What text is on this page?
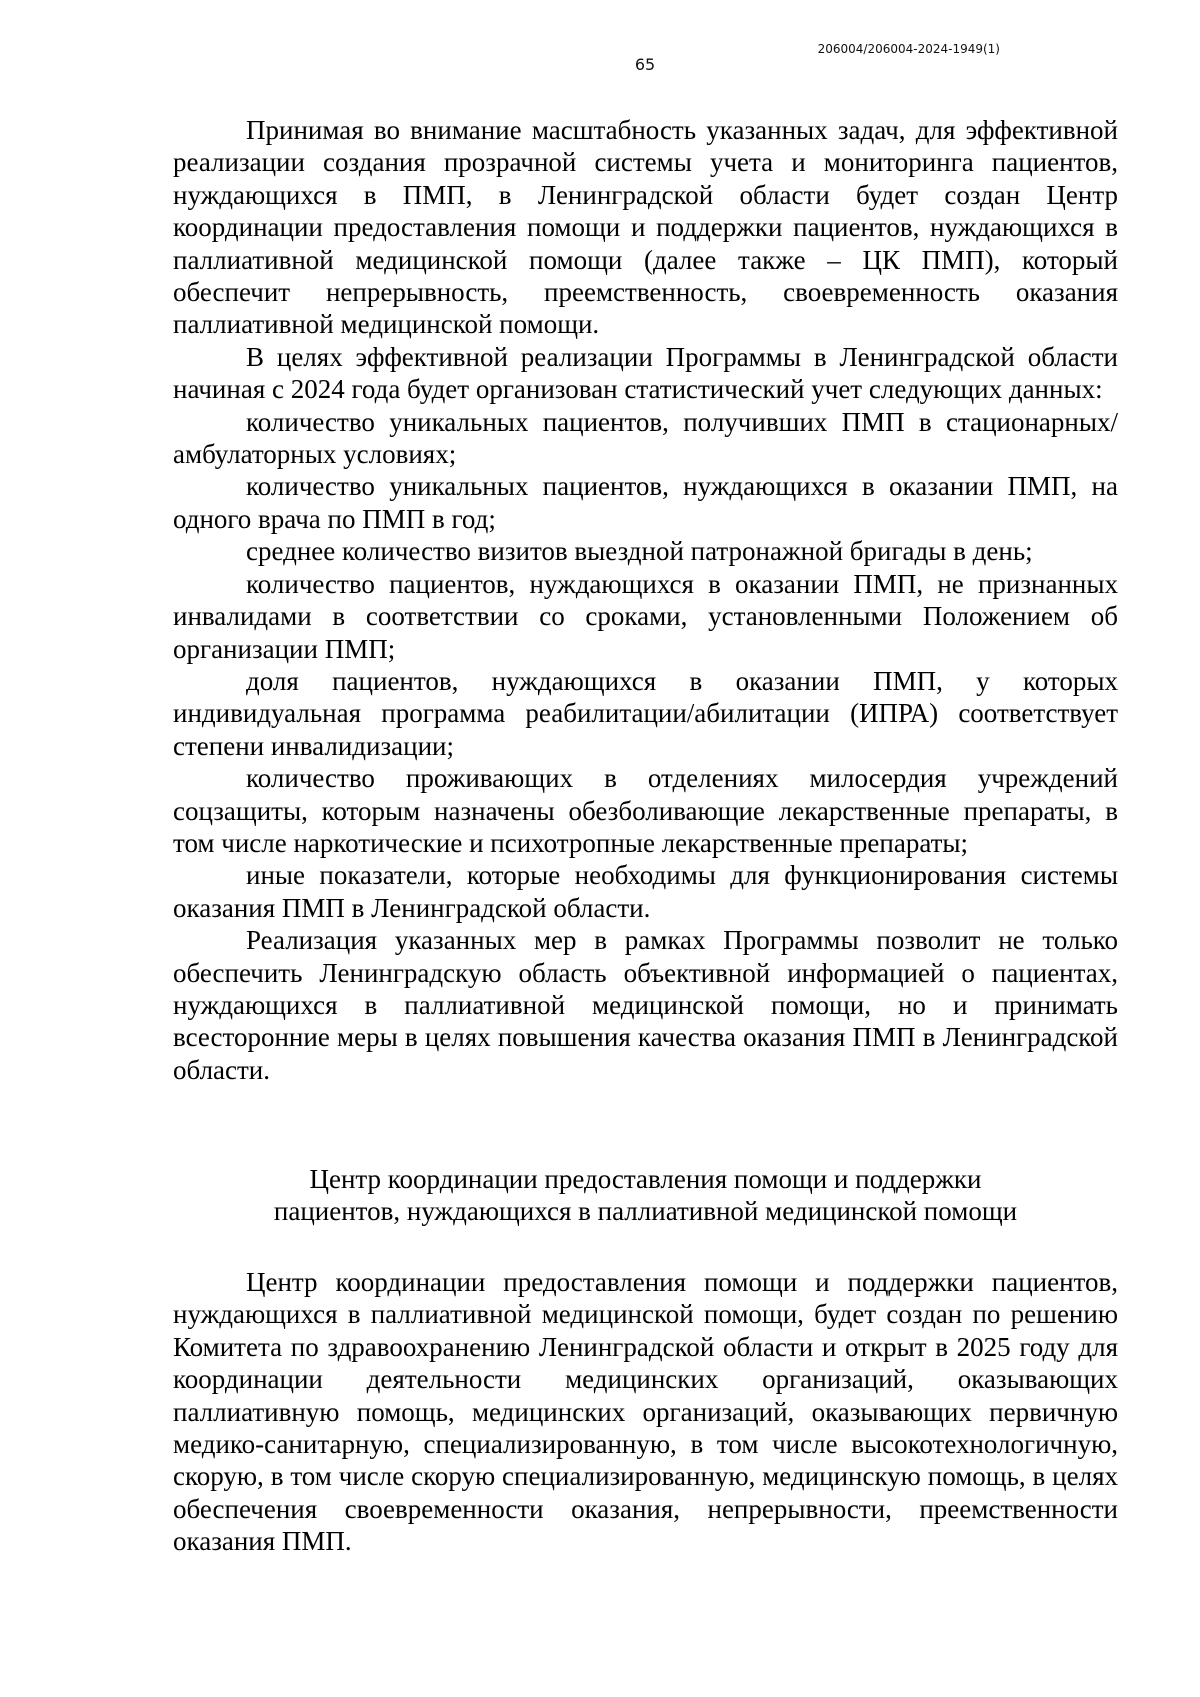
206004/206004-2024-1949(1)
65

Принимая во внимание масштабность указанных задач, для эффективной реализации создания прозрачной системы учета и мониторинга пациентов, нуждающихся в ПМП, в Ленинградской области будет создан Центр координации предоставления помощи и поддержки пациентов, нуждающихся в паллиативной медицинской помощи (далее также – ЦК ПМП), который обеспечит непрерывность, преемственность, своевременность оказания паллиативной медицинской помощи.

В целях эффективной реализации Программы в Ленинградской области начиная с 2024 года будет организован статистический учет следующих данных:

количество уникальных пациентов, получивших ПМП в стационарных/амбулаторных условиях;

количество уникальных пациентов, нуждающихся в оказании ПМП, на одного врача по ПМП в год;

среднее количество визитов выездной патронажной бригады в день;

количество пациентов, нуждающихся в оказании ПМП, не признанных инвалидами в соответствии со сроками, установленными Положением об организации ПМП;

доля пациентов, нуждающихся в оказании ПМП, у которых индивидуальная программа реабилитации/абилитации (ИПРА) соответствует степени инвалидизации;

количество проживающих в отделениях милосердия учреждений соцзащиты, которым назначены обезболивающие лекарственные препараты, в том числе наркотические и психотропные лекарственные препараты;

иные показатели, которые необходимы для функционирования системы оказания ПМП в Ленинградской области.

Реализация указанных мер в рамках Программы позволит не только обеспечить Ленинградскую область объективной информацией о пациентах, нуждающихся в паллиативной медицинской помощи, но и принимать всесторонние меры в целях повышения качества оказания ПМП в Ленинградской области.

Центр координации предоставления помощи и поддержки
пациентов, нуждающихся в паллиативной медицинской помощи

Центр координации предоставления помощи и поддержки пациентов, нуждающихся в паллиативной медицинской помощи, будет создан по решению Комитета по здравоохранению Ленинградской области и открыт в 2025 году для координации деятельности медицинских организаций, оказывающих паллиативную помощь, медицинских организаций, оказывающих первичную медико-санитарную, специализированную, в том числе высокотехнологичную, скорую, в том числе скорую специализированную, медицинскую помощь, в целях обеспечения своевременности оказания, непрерывности, преемственности оказания ПМП.
